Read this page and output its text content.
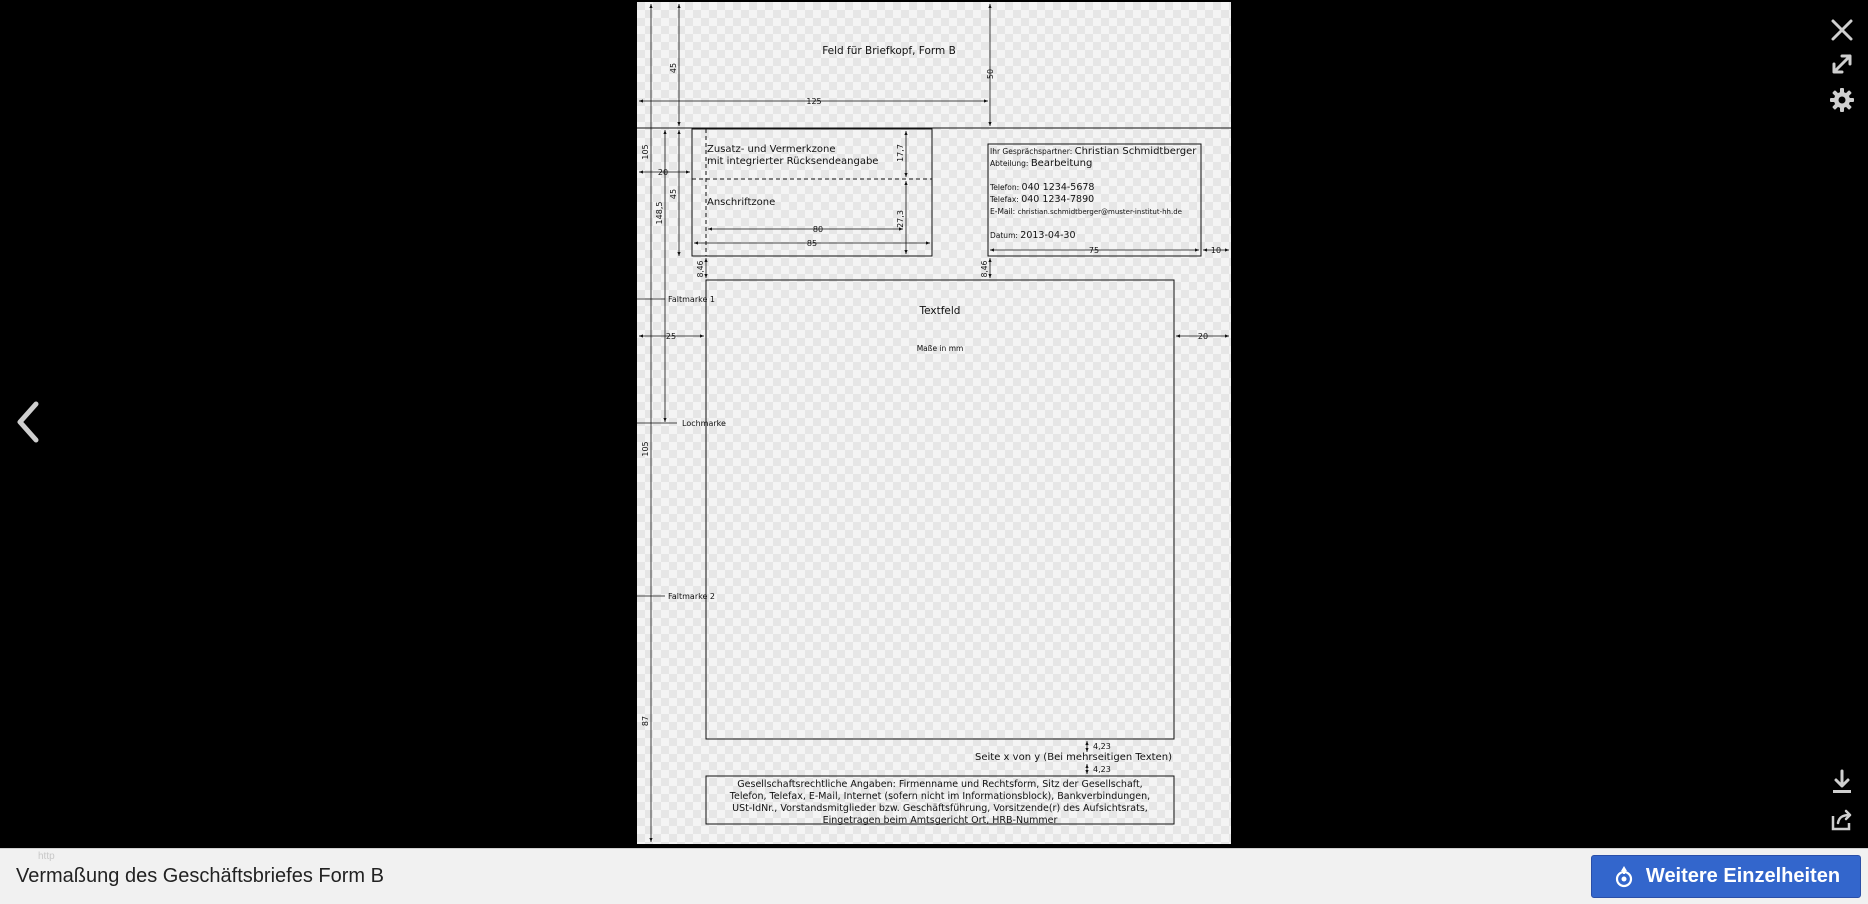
Feld für Briefkopf, Form B
Zusatz- und Vermerkzone
mit integrierter Rücksendeangabe
Anschriftzone
Textfeld
Maße in mm
Faltmarke 1
Lochmarke
Faltmarke 2
Seite x von y (Bei mehrseitigen Texten)
Ihr Gesprächspartner: Christian Schmidtberger
Abteilung: Bearbeitung
Telefon: 040 1234-5678
Telefax: 040 1234-7890
E-Mail: christian.schmidtberger@muster-institut-hh.de
Datum: 2013-04-30
Gesellschaftsrechtliche Angaben: Firmenname und Rechtsform, Sitz der Gesellschaft,
Telefon, Telefax, E-Mail, Internet (sofern nicht im Informationsblock), Bankverbindungen,
USt-IdNr., Vorstandsmitglieder bzw. Geschäftsführung, Vorsitzende(r) des Aufsichtsrats,
Eingetragen beim Amtsgericht Ort, HRB-Nummer
125
20
80
85
75	10
25	20
4,23
4,23
45
50
105
148,5
45
17,7
27,3
8,46	8,46
105
87
http
Vermaßung des Geschäftsbriefes Form B	Weitere Einzelheiten
